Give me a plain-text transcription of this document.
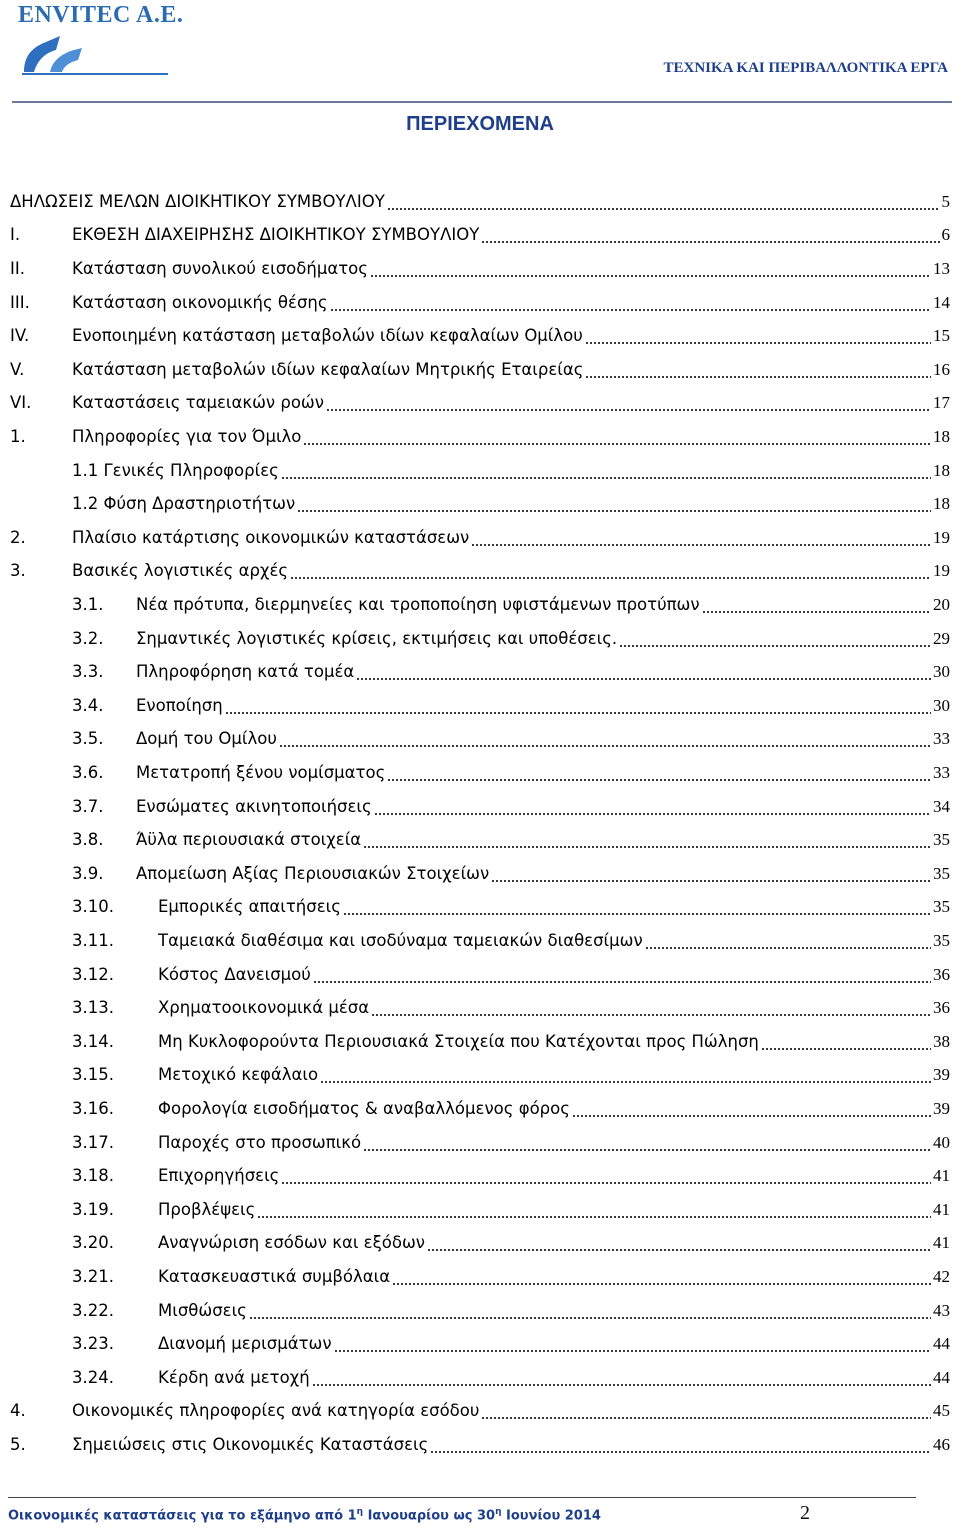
ENVITEC A.E.
ΤΕΧΝΙΚΑ ΚΑΙ ΠΕΡΙΒΑΛΛΟΝΤΙΚΑ ΕΡΓΑ
ΠΕΡΙΕΧΟΜΕΝΑ
ΔΗΛΩΣΕΙΣ ΜΕΛΩΝ ΔΙΟΙΚΗΤΙΚΟΥ ΣΥΜΒΟΥΛΙΟΥ	5
I.	ΕΚΘΕΣΗ ΔΙΑΧΕΙΡΗΣΗΣ ΔΙΟΙΚΗΤΙΚΟΥ ΣΥΜΒΟΥΛΙΟΥ	6
II.	Κατάσταση συνολικού εισοδήματος	13
III.	Κατάσταση οικονομικής θέσης	14
IV.	Ενοποιημένη κατάσταση μεταβολών ιδίων κεφαλαίων Ομίλου	15
V.	Κατάσταση μεταβολών ιδίων κεφαλαίων Μητρικής Εταιρείας	16
VI.	Καταστάσεις ταμειακών ροών	17
1.	Πληροφορίες για τον Όμιλο	18
1.1 Γενικές Πληροφορίες	18
1.2 Φύση Δραστηριοτήτων	18
2.	Πλαίσιο κατάρτισης οικονομικών καταστάσεων	19
3.	Βασικές λογιστικές αρχές	19
3.1.	Νέα πρότυπα, διερμηνείες και τροποποίηση υφιστάμενων προτύπων	20
3.2.	Σημαντικές λογιστικές κρίσεις, εκτιμήσεις και υποθέσεις.	29
3.3.	Πληροφόρηση κατά τομέα	30
3.4.	Ενοποίηση	30
3.5.	Δομή του Ομίλου	33
3.6.	Μετατροπή ξένου νομίσματος	33
3.7.	Ενσώματες ακινητοποιήσεις	34
3.8.	Άϋλα περιουσιακά στοιχεία	35
3.9.	Απομείωση Αξίας Περιουσιακών Στοιχείων	35
3.10.	Εμπορικές απαιτήσεις	35
3.11.	Ταμειακά διαθέσιμα και ισοδύναμα ταμειακών διαθεσίμων	35
3.12.	Κόστος Δανεισμού	36
3.13.	Χρηματοοικονομικά μέσα	36
3.14.	Μη Κυκλοφορούντα Περιουσιακά Στοιχεία που Κατέχονται προς Πώληση	38
3.15.	Μετοχικό κεφάλαιο	39
3.16.	Φορολογία εισοδήματος & αναβαλλόμενος φόρος	39
3.17.	Παροχές στο προσωπικό	40
3.18.	Επιχορηγήσεις	41
3.19.	Προβλέψεις	41
3.20.	Αναγνώριση εσόδων και εξόδων	41
3.21.	Κατασκευαστικά συμβόλαια	42
3.22.	Μισθώσεις	43
3.23.	Διανομή μερισμάτων	44
3.24.	Κέρδη ανά μετοχή	44
4.	Οικονομικές πληροφορίες ανά κατηγορία εσόδου	45
5.	Σημειώσεις στις Οικονομικές Καταστάσεις	46
Οικονομικές καταστάσεις για το εξάμηνο από $1^\eta$ Ιανουαρίου ως $30^\eta$ Ιουνίου 2014	2
